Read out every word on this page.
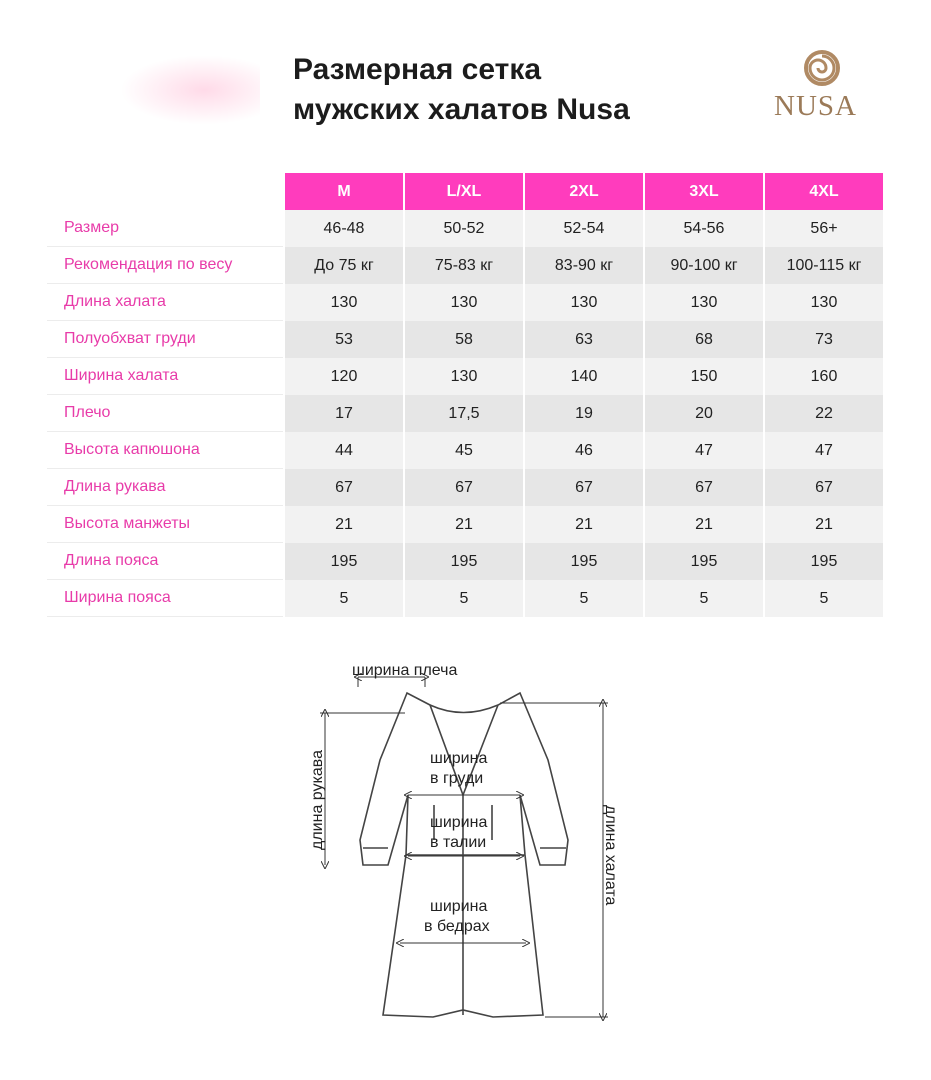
Размерная сетка
мужских халатов Nusa	NUSA
	M	L/XL	2XL	3XL	4XL
Размер	46-48	50-52	52-54	54-56	56+
Рекомендация по весу	До 75 кг	75-83 кг	83-90 кг	90-100 кг	100-115 кг
Длина халата	130	130	130	130	130
Полуобхват груди	53	58	63	68	73
Ширина халата	120	130	140	150	160
Плечо	17	17,5	19	20	22
Высота капюшона	44	45	46	47	47
Длина рукава	67	67	67	67	67
Высота манжеты	21	21	21	21	21
Длина пояса	195	195	195	195	195
Ширина пояса	5	5	5	5	5
ширина плеча
длина рукава
длина халата
ширина
в груди
ширина
в талии
ширина
в бедрах
